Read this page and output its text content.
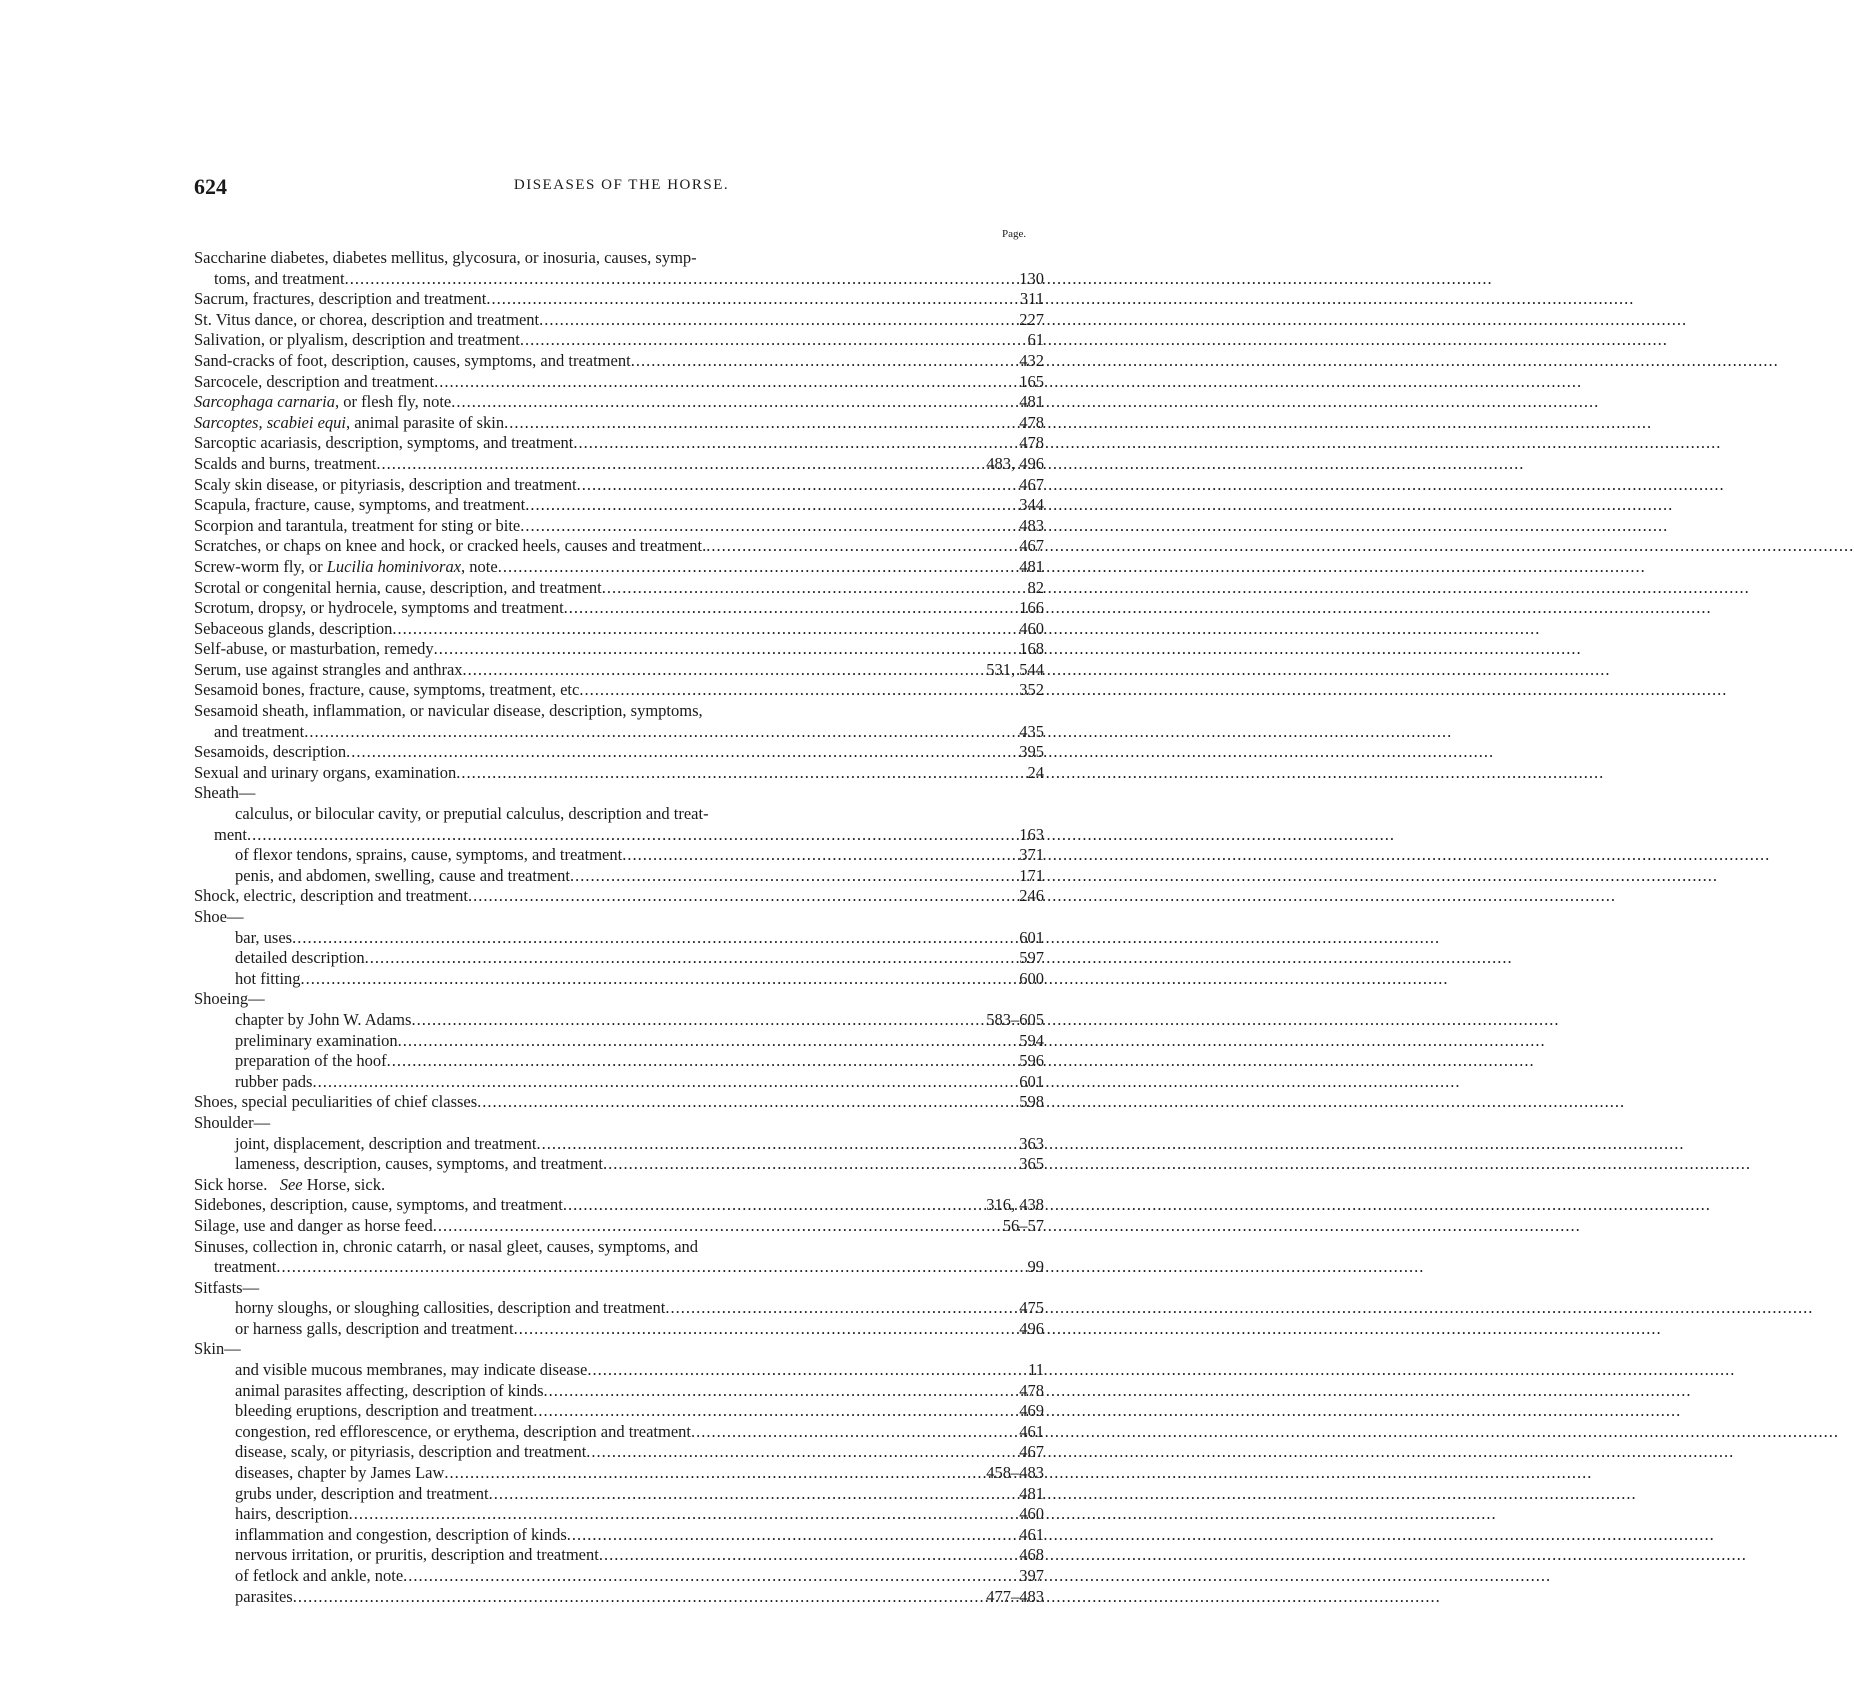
624	DISEASES OF THE HORSE.
Page.
Saccharine diabetes, diabetes mellitus, glycosura, or inosuria, causes, symp-
toms, and treatment .....	130
Sacrum, fractures, description and treatment .....	311
St. Vitus dance, or chorea, description and treatment .....	227
Salivation, or plyalism, description and treatment .....	61
Sand-cracks of foot, description, causes, symptoms, and treatment .....	432
Sarcocele, description and treatment .....	165
Sarcophaga carnaria, or flesh fly, note .....	481
Sarcoptes, scabiei equi, animal parasite of skin .....	478
Sarcoptic acariasis, description, symptoms, and treatment .....	478
Scalds and burns, treatment .....	483, 496
Scaly skin disease, or pityriasis, description and treatment .....	467
Scapula, fracture, cause, symptoms, and treatment .....	344
Scorpion and tarantula, treatment for sting or bite .....	483
Scratches, or chaps on knee and hock, or cracked heels, causes and treatment. .....	467
Screw-worm fly, or Lucilia hominivorax, note .....	481
Scrotal or congenital hernia, cause, description, and treatment .....	82
Scrotum, dropsy, or hydrocele, symptoms and treatment .....	166
Sebaceous glands, description .....	460
Self-abuse, or masturbation, remedy .....	168
Serum, use against strangles and anthrax .....	531, 544
Sesamoid bones, fracture, cause, symptoms, treatment, etc .....	352
Sesamoid sheath, inflammation, or navicular disease, description, symptoms,
and treatment .....	435
Sesamoids, description .....	395
Sexual and urinary organs, examination .....	24
Sheath—
calculus, or bilocular cavity, or preputial calculus, description and treat-
ment .....	163
of flexor tendons, sprains, cause, symptoms, and treatment .....	371
penis, and abdomen, swelling, cause and treatment .....	171
Shock, electric, description and treatment .....	246
Shoe—
bar, uses .....	601
detailed description .....	597
hot fitting .....	600
Shoeing—
chapter by John W. Adams .....	583–605
preliminary examination .....	594
preparation of the hoof .....	596
rubber pads .....	601
Shoes, special peculiarities of chief classes .....	598
Shoulder—
joint, displacement, description and treatment .....	363
lameness, description, causes, symptoms, and treatment .....	365
Sick horse. See Horse, sick.
Sidebones, description, cause, symptoms, and treatment .....	316, 438
Silage, use and danger as horse feed .....	56–57
Sinuses, collection in, chronic catarrh, or nasal gleet, causes, symptoms, and
treatment .....	99
Sitfasts—
horny sloughs, or sloughing callosities, description and treatment .....	475
or harness galls, description and treatment .....	496
Skin—
and visible mucous membranes, may indicate disease .....	11
animal parasites affecting, description of kinds .....	478
bleeding eruptions, description and treatment .....	469
congestion, red efflorescence, or erythema, description and treatment .....	461
disease, scaly, or pityriasis, description and treatment .....	467
diseases, chapter by James Law .....	458–483
grubs under, description and treatment .....	481
hairs, description .....	460
inflammation and congestion, description of kinds .....	461
nervous irritation, or pruritis, description and treatment .....	468
of fetlock and ankle, note .....	397
parasites .....	477–483
